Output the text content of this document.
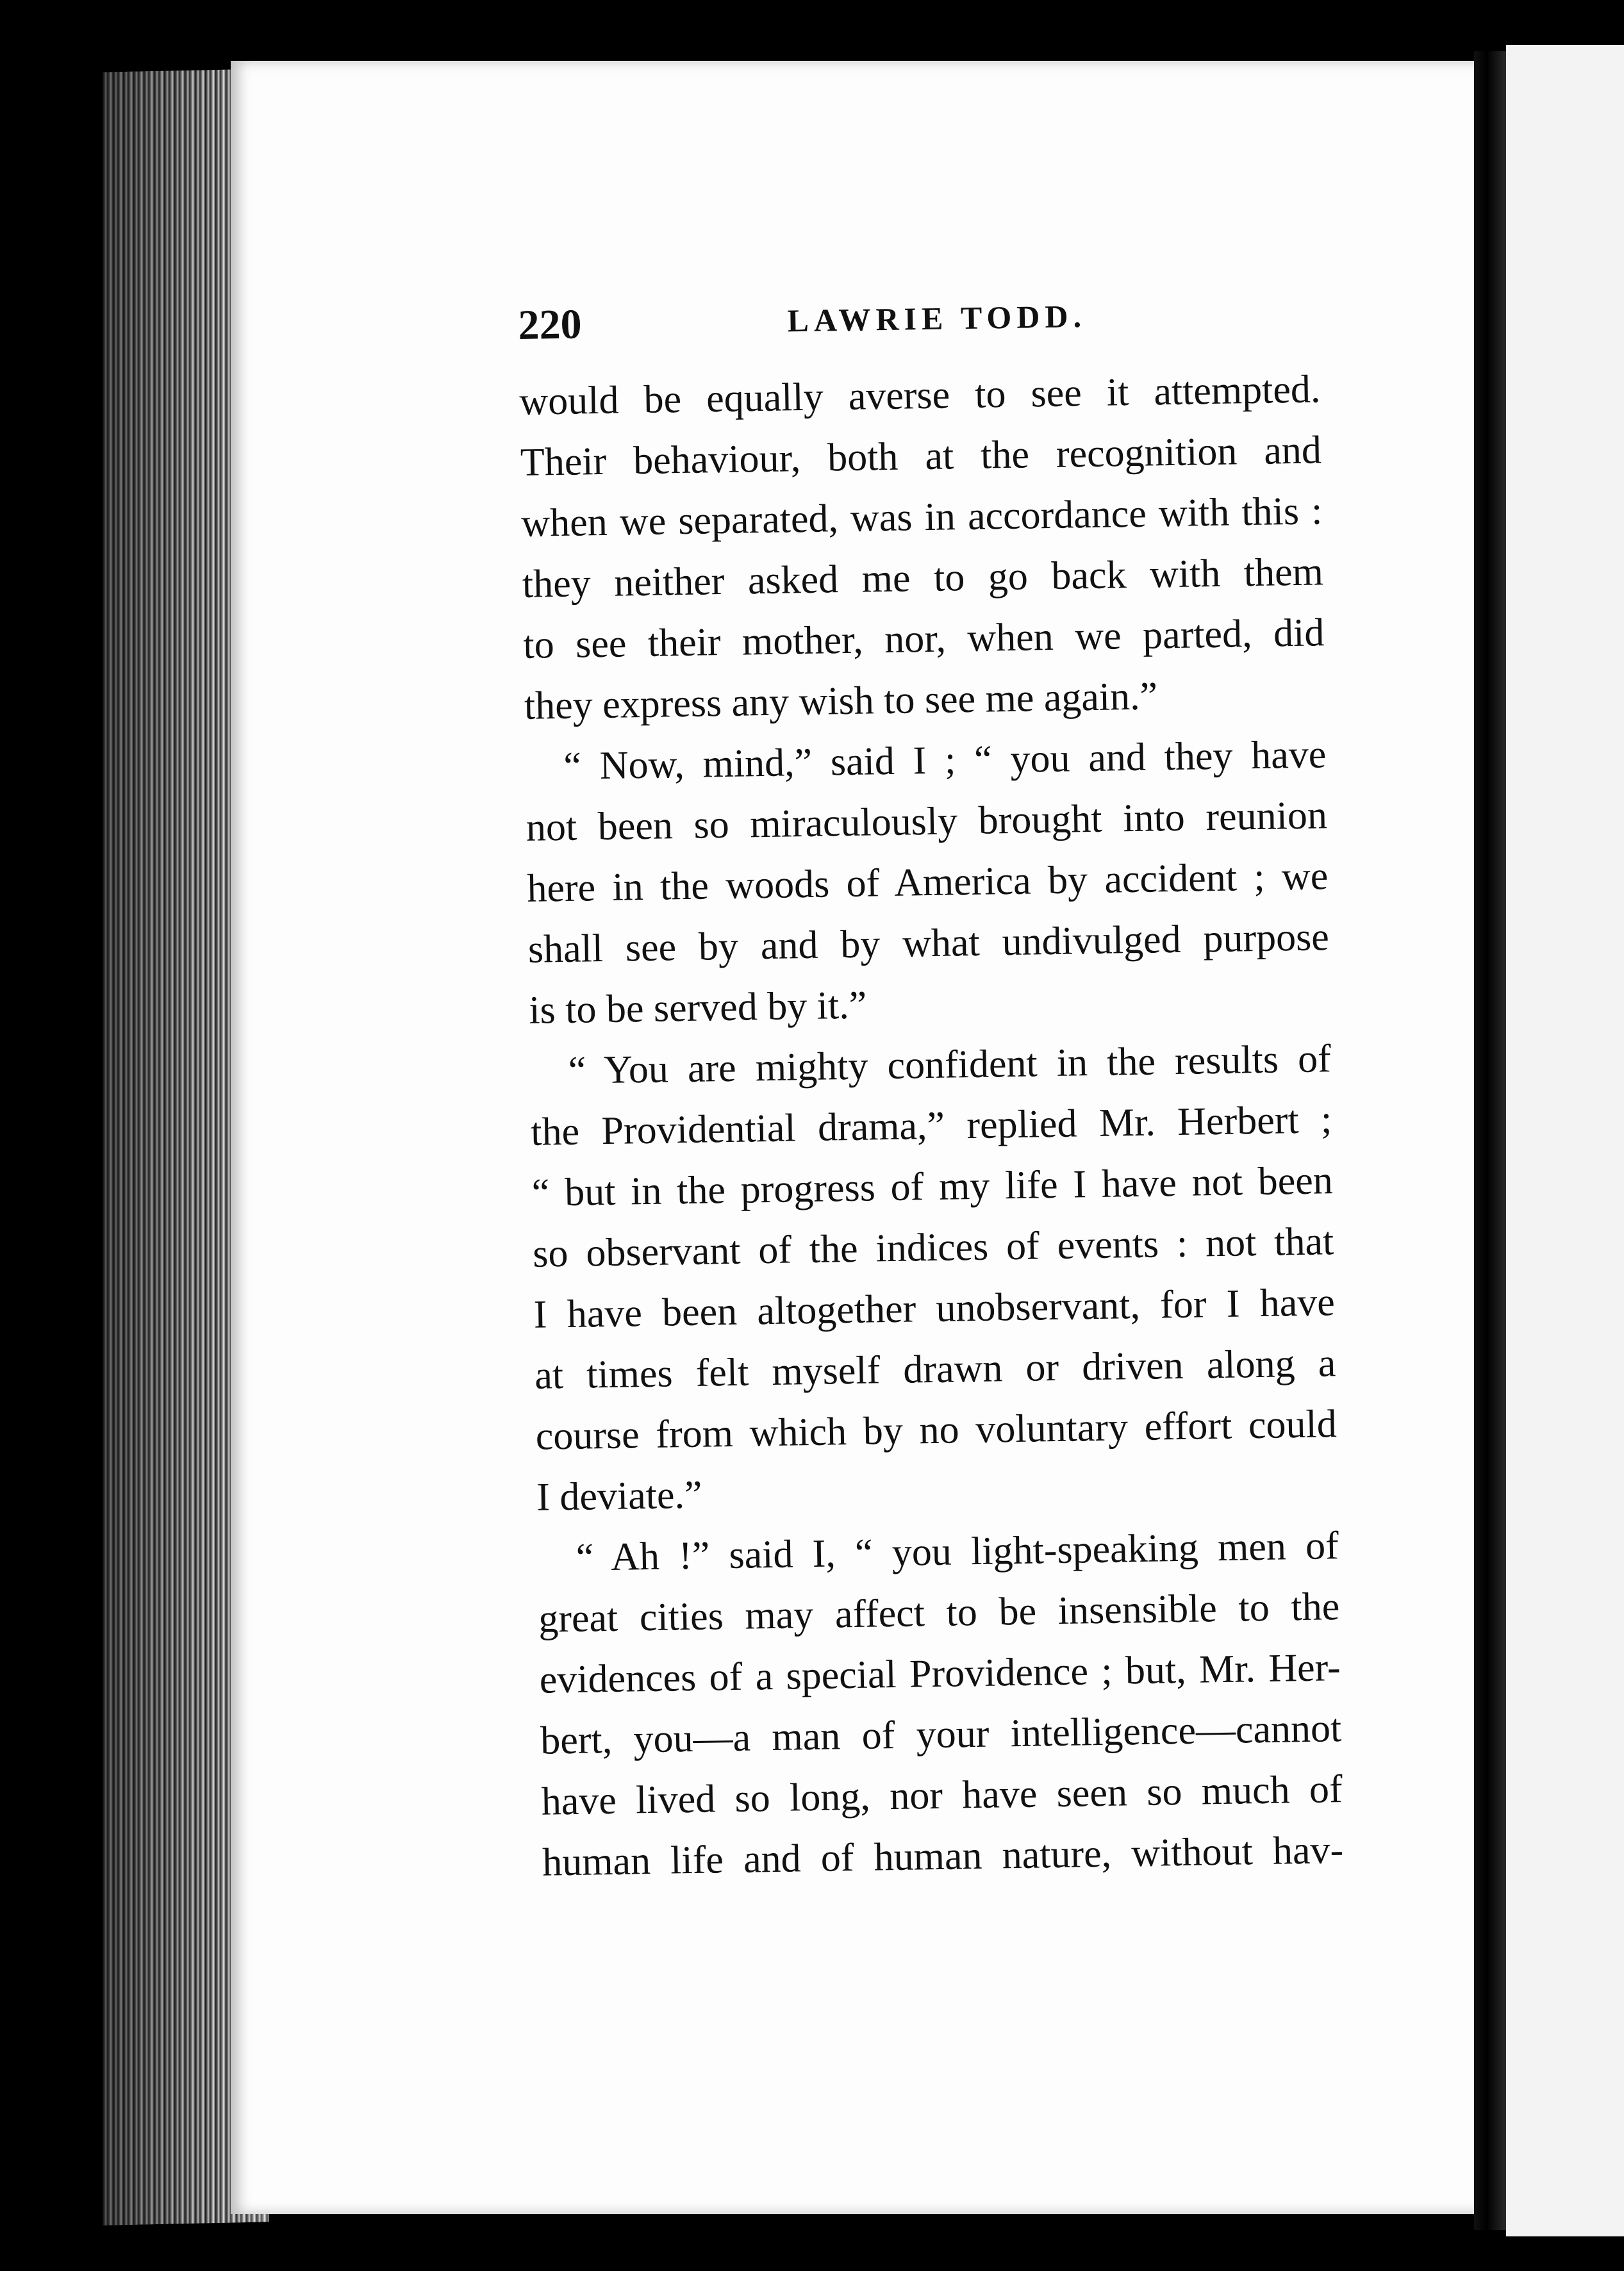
220	LAWRIE TODD.
would be equally averse to see it attempted.
Their behaviour, both at the recognition and
when we separated, was in accordance with this :
they neither asked me to go back with them
to see their mother, nor, when we parted, did
they express any wish to see me again.”
“ Now, mind,” said I ; “ you and they have
not been so miraculously brought into reunion
here in the woods of America by accident ; we
shall see by and by what undivulged purpose
is to be served by it.”
“ You are mighty confident in the results of
the Providential drama,” replied Mr. Herbert ;
“ but in the progress of my life I have not been
so observant of the indices of events : not that
I have been altogether unobservant, for I have
at times felt myself drawn or driven along a
course from which by no voluntary effort could
I deviate.”
“ Ah !” said I, “ you light-speaking men of
great cities may affect to be insensible to the
evidences of a special Providence ; but, Mr. Her-
bert, you—a man of your intelligence—cannot
have lived so long, nor have seen so much of
human life and of human nature, without hav-
